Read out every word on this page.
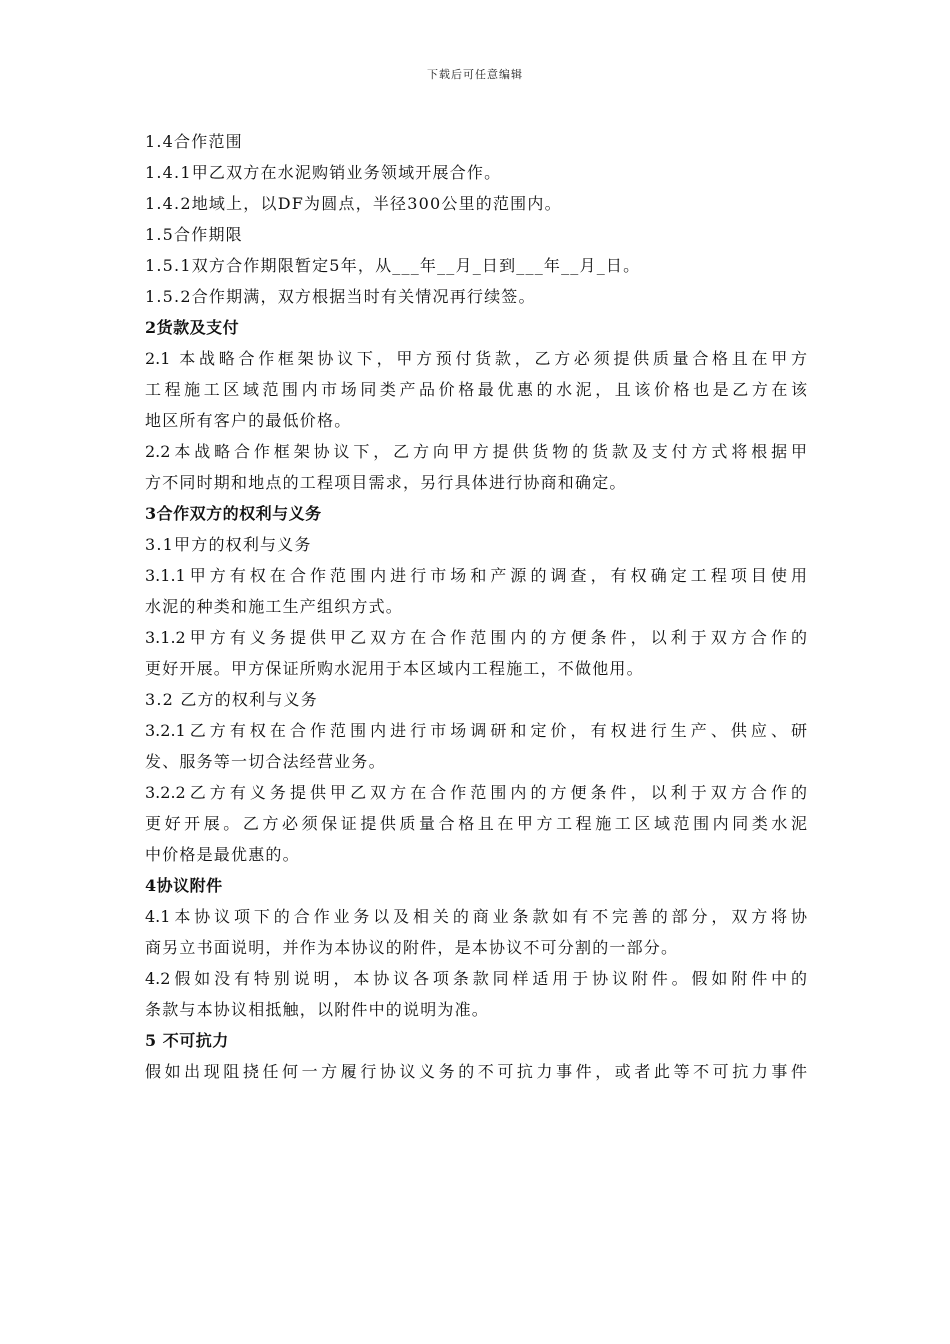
下载后可任意编辑
1.4合作范围
1.4.1甲乙双方在水泥购销业务领域开展合作。
1.4.2地域上，以DF为圆点，半径300公里的范围内。
1.5合作期限
1.5.1双方合作期限暂定5年，从___年__月_日到___年__月_日。
1.5.2合作期满，双方根据当时有关情况再行续签。
2货款及支付
2.1 本战略合作框架协议下，甲方预付货款，乙方必须提供质量合格且在甲方
工程施工区域范围内市场同类产品价格最优惠的水泥，且该价格也是乙方在该
地区所有客户的最低价格。
2.2本战略合作框架协议下，乙方向甲方提供货物的货款及支付方式将根据甲
方不同时期和地点的工程项目需求，另行具体进行协商和确定。
3合作双方的权利与义务
3.1甲方的权利与义务
3.1.1甲方有权在合作范围内进行市场和产源的调查，有权确定工程项目使用
水泥的种类和施工生产组织方式。
3.1.2甲方有义务提供甲乙双方在合作范围内的方便条件，以利于双方合作的
更好开展。甲方保证所购水泥用于本区域内工程施工，不做他用。
3.2 乙方的权利与义务
3.2.1乙方有权在合作范围内进行市场调研和定价，有权进行生产、供应、研
发、服务等一切合法经营业务。
3.2.2乙方有义务提供甲乙双方在合作范围内的方便条件，以利于双方合作的
更好开展。乙方必须保证提供质量合格且在甲方工程施工区域范围内同类水泥
中价格是最优惠的。
4协议附件
4.1本协议项下的合作业务以及相关的商业条款如有不完善的部分，双方将协
商另立书面说明，并作为本协议的附件，是本协议不可分割的一部分。
4.2假如没有特别说明，本协议各项条款同样适用于协议附件。假如附件中的
条款与本协议相抵触，以附件中的说明为准。
5 不可抗力
假如出现阻挠任何一方履行协议义务的不可抗力事件，或者此等不可抗力事件
